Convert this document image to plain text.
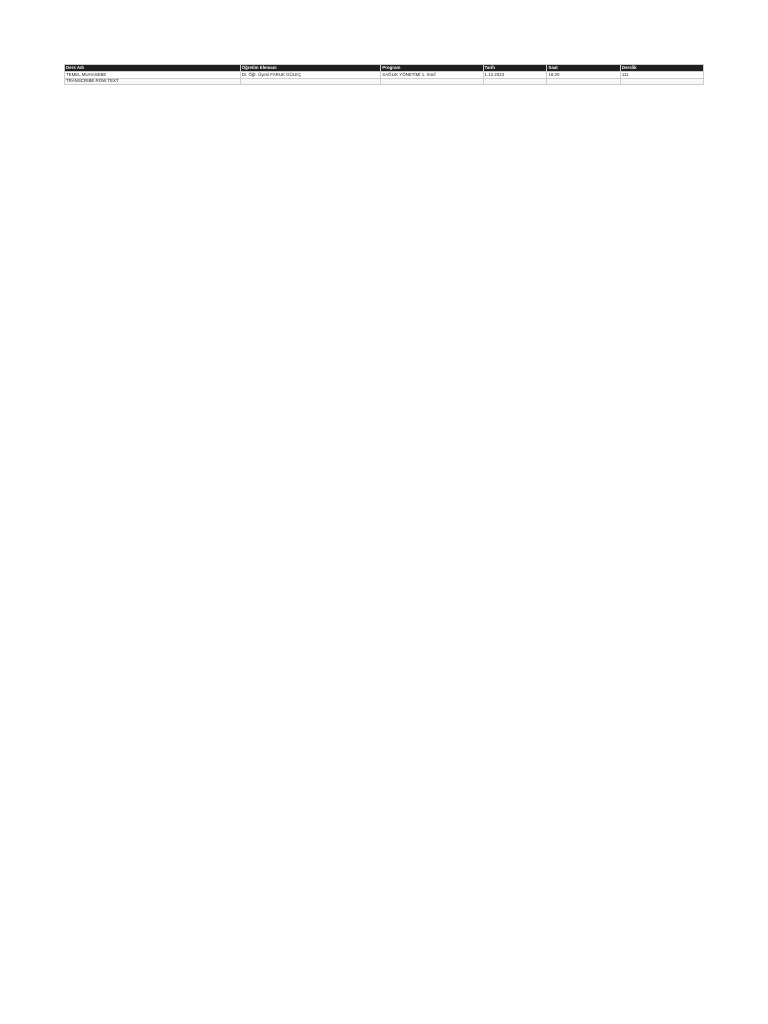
Ders Adı	Öğretim Elemanı	Program	Tarih	Saat	Derslik
TEMEL MUHASEBE	Dr. Öğr. Üyesi FARUK GÜLEÇ	SAĞLIK YÖNETİMİ 1. Sınıf	1.12.2023	16:20	111
TRANSCRIBE ROW TEXT					
